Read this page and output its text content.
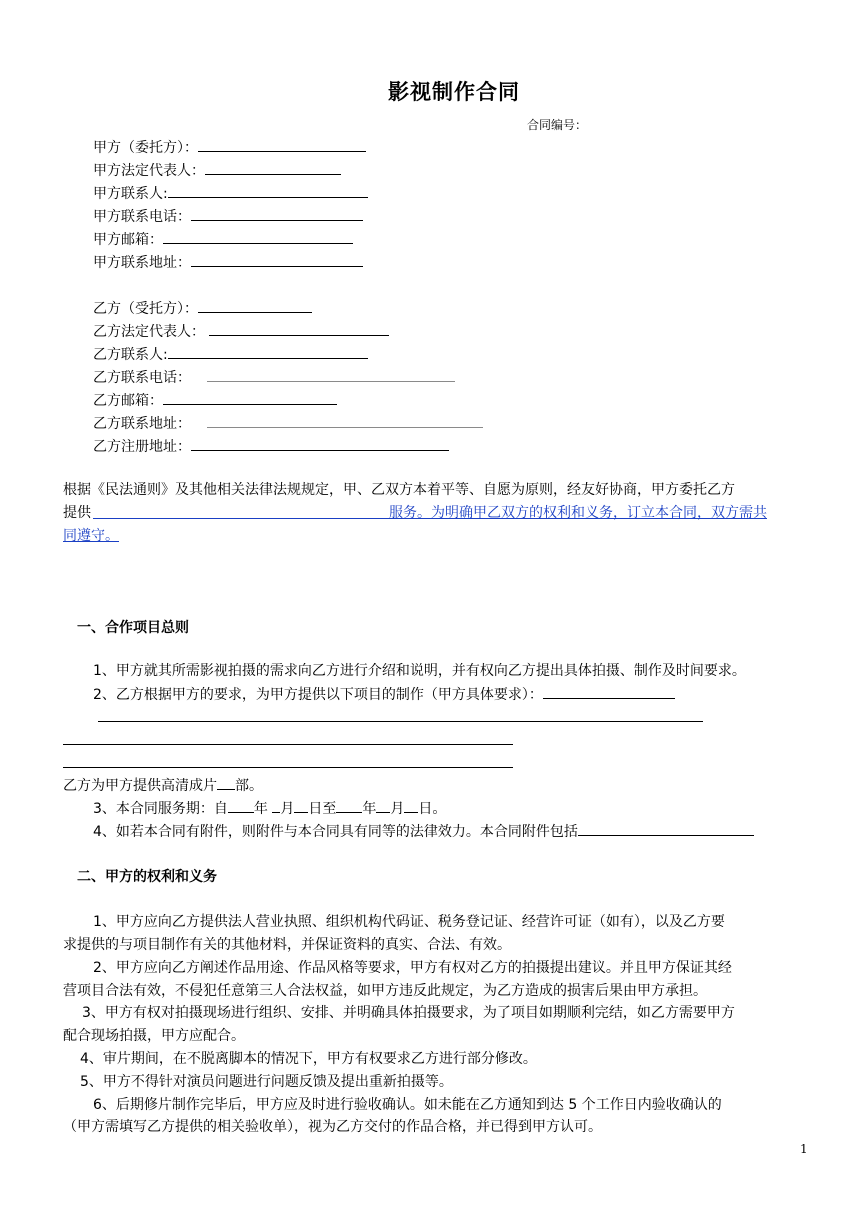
影视制作合同
合同编号：
甲方（委托方）：
甲方法定代表人：
甲方联系人:
甲方联系电话：
甲方邮箱：
甲方联系地址：
乙方（受托方）：
乙方法定代表人：
乙方联系人:
乙方联系电话：
乙方邮箱：
乙方联系地址：
乙方注册地址：
根据《民法通则》及其他相关法律法规规定，甲、乙双方本着平等、自愿为原则，经友好协商，甲方委托乙方
提供	服务。为明确甲乙双方的权利和义务，订立本合同，双方需共
同遵守。
一、合作项目总则
1、甲方就其所需影视拍摄的需求向乙方进行介绍和说明，并有权向乙方提出具体拍摄、制作及时间要求。
2、乙方根据甲方的要求，为甲方提供以下项目的制作（甲方具体要求）：
乙方为甲方提供高清成片 部。
3、本合同服务期：自 年 月 日至 年 月 日。
4、如若本合同有附件，则附件与本合同具有同等的法律效力。本合同附件包括
二、甲方的权利和义务
1、甲方应向乙方提供法人营业执照、组织机构代码证、税务登记证、经营许可证（如有），以及乙方要
求提供的与项目制作有关的其他材料，并保证资料的真实、合法、有效。
2、甲方应向乙方阐述作品用途、作品风格等要求，甲方有权对乙方的拍摄提出建议。并且甲方保证其经
营项目合法有效，不侵犯任意第三人合法权益，如甲方违反此规定，为乙方造成的损害后果由甲方承担。
3、甲方有权对拍摄现场进行组织、安排、并明确具体拍摄要求，为了项目如期顺利完结，如乙方需要甲方
配合现场拍摄，甲方应配合。
4、审片期间，在不脱离脚本的情况下，甲方有权要求乙方进行部分修改。
5、甲方不得针对演员问题进行问题反馈及提出重新拍摄等。
6、后期修片制作完毕后，甲方应及时进行验收确认。如未能在乙方通知到达 5 个工作日内验收确认的
（甲方需填写乙方提供的相关验收单），视为乙方交付的作品合格，并已得到甲方认可。
1
